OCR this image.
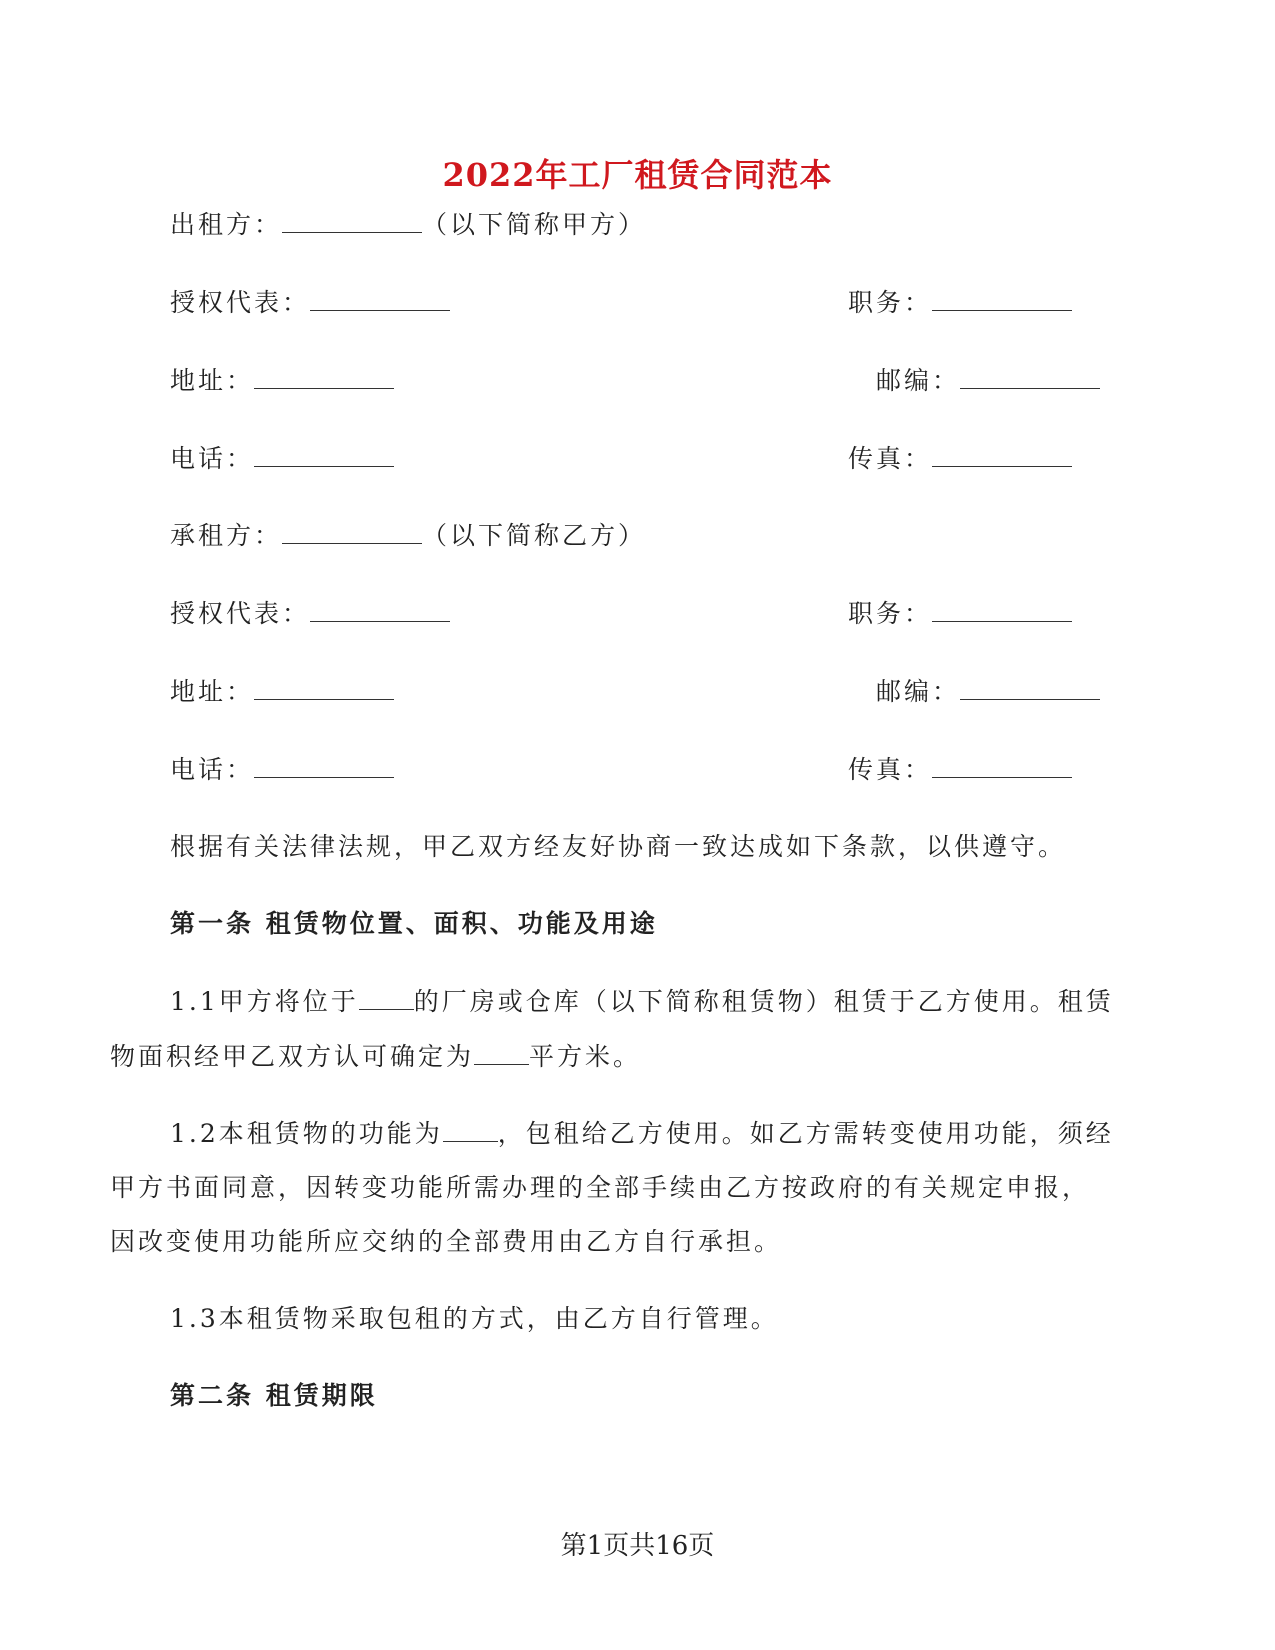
2022年工厂租赁合同范本
出租方：	（以下简称甲方）
授权代表：	职务：
地址：	邮编：
电话：	传真：
承租方：	（以下简称乙方）
授权代表：	职务：
地址：	邮编：
电话：	传真：
根据有关法律法规，甲乙双方经友好协商一致达成如下条款，以供遵守。
第一条 租赁物位置、面积、功能及用途
1.1甲方将位于 的厂房或仓库（以下简称租赁物）租赁于乙方使用。租赁
物面积经甲乙双方认可确定为 平方米。
1.2本租赁物的功能为 ，包租给乙方使用。如乙方需转变使用功能，须经
甲方书面同意，因转变功能所需办理的全部手续由乙方按政府的有关规定申报，
因改变使用功能所应交纳的全部费用由乙方自行承担。
1.3本租赁物采取包租的方式，由乙方自行管理。
第二条 租赁期限
第1页共16页
